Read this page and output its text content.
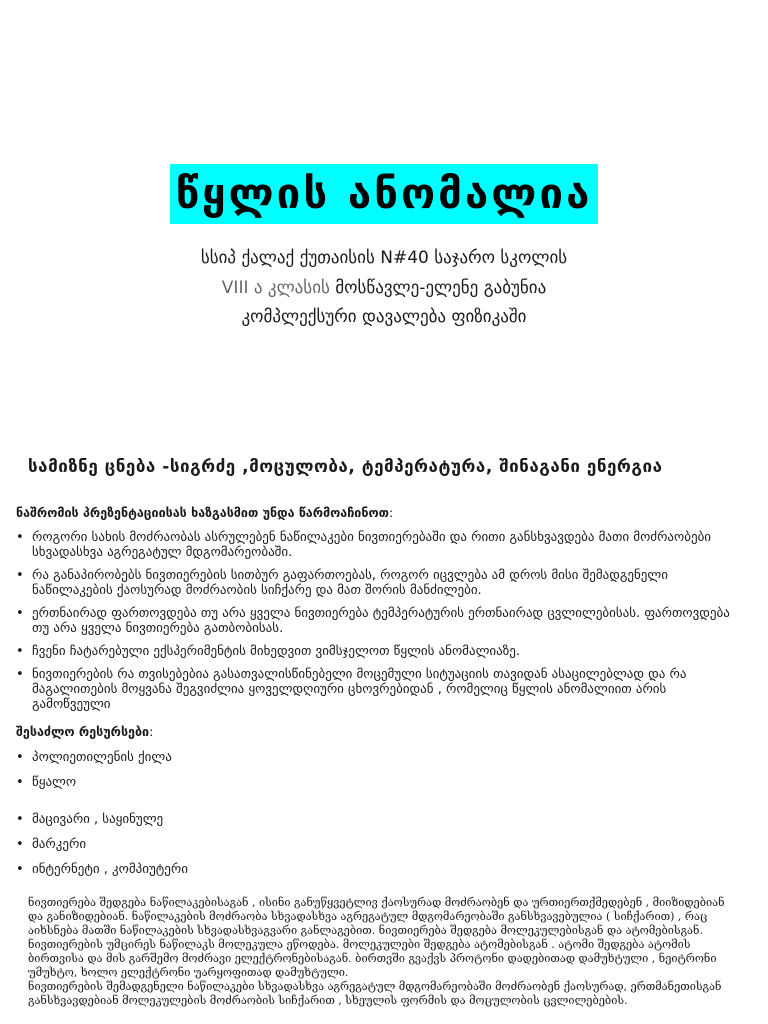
წყლის ანომალია
სსიპ ქალაქ ქუთაისის N#40 საჯარო სკოლის
VIII ა კლასის მოსწავლე-ელენე გაბუნია
კომპლექსური დავალება ფიზიკაში
სამიზნე ცნება -სიგრძე ,მოცულობა, ტემპერატურა, შინაგანი ენერგია
ნაშრომის პრეზენტაციისას ხაზგასმით უნდა წარმოაჩინოთ:
• როგორი სახის მოძრაობას ასრულებენ ნაწილაკები ნივთიერებაში და რითი განსხვავდება მათი მოძრაობები სხვადასხვა აგრეგატულ მდგომარეობაში.
• რა განაპირობებს ნივთიერების სითბურ გაფართოებას, როგორ იცვლება ამ დროს მისი შემადგენელი ნაწილაკების ქაოსურად მოძრაობის სიჩქარე და მათ შორის მანძილები.
• ერთნაირად ფართოვდება თუ არა ყველა ნივთიერება ტემპერატურის ერთნაირად ცვლილებისას. ფართოვდება თუ არა ყველა ნივთიერება გათბობისას.
• ჩვენი ჩატარებული ექსპერიმენტის მიხედვით ვიმსჯელოთ წყლის ანომალიაზე.
• ნივთიერების რა თვისებებია გასათვალისწინებელი მოცემული სიტუაციის თავიდან ასაცილებლად და რა მაგალითების მოყვანა შეგვიძლია ყოველდღიური ცხოვრებიდან , რომელიც წყლის ანომალიით არის გამოწვეული
შესაძლო რესურსები:
• პოლიეთილენის ქილა
• წყალო
• მაცივარი , საყინულე
• მარკერი
• ინტერნეტი , კომპიუტერი

ნივთიერება შედგება ნაწილაკებისაგან , ისინი განუწყვეტლივ ქაოსურად მოძრაობენ და ურთიერთქმედებენ , მიიზიდებიან და განიზიდებიან. ნაწილაკების მოძრაობა სხვადასხვა აგრეგატულ მდგომარეობაში განსხვავებულია ( სიჩქარით) , რაც აიხსნება მათში ნაწილაკების სხვადასხვაგვარი განლაგებით. ნივთიერება შედგება მოლეკულებისგან და ატომებისგან.

ნივთიერების უმცირეს ნაწილაკს მოლეკულა ეწოდება. მოლეკულები შედგება ატომებისგან . ატომი შედგება ატომის ბირთვისა და მის გარშემო მოძრავი ელექტრონებისაგან. ბირთვში გვაქვს პროტონი დადებითად დამუხტული , ნეიტრონი უმუხტო, ხოლო ელექტრონი უარყოფითად დამუხტული.

ნივთიერების შემადგენელი ნაწილაკები სხვადასხვა აგრეგატულ მდგომარეობაში მოძრაობენ ქაოსურად, ერთმანეთისგან განსხვავდებიან მოლეკულების მოძრაობის სიჩქარით , სხეულის ფორმის და მოცულობის ცვლილებების.
